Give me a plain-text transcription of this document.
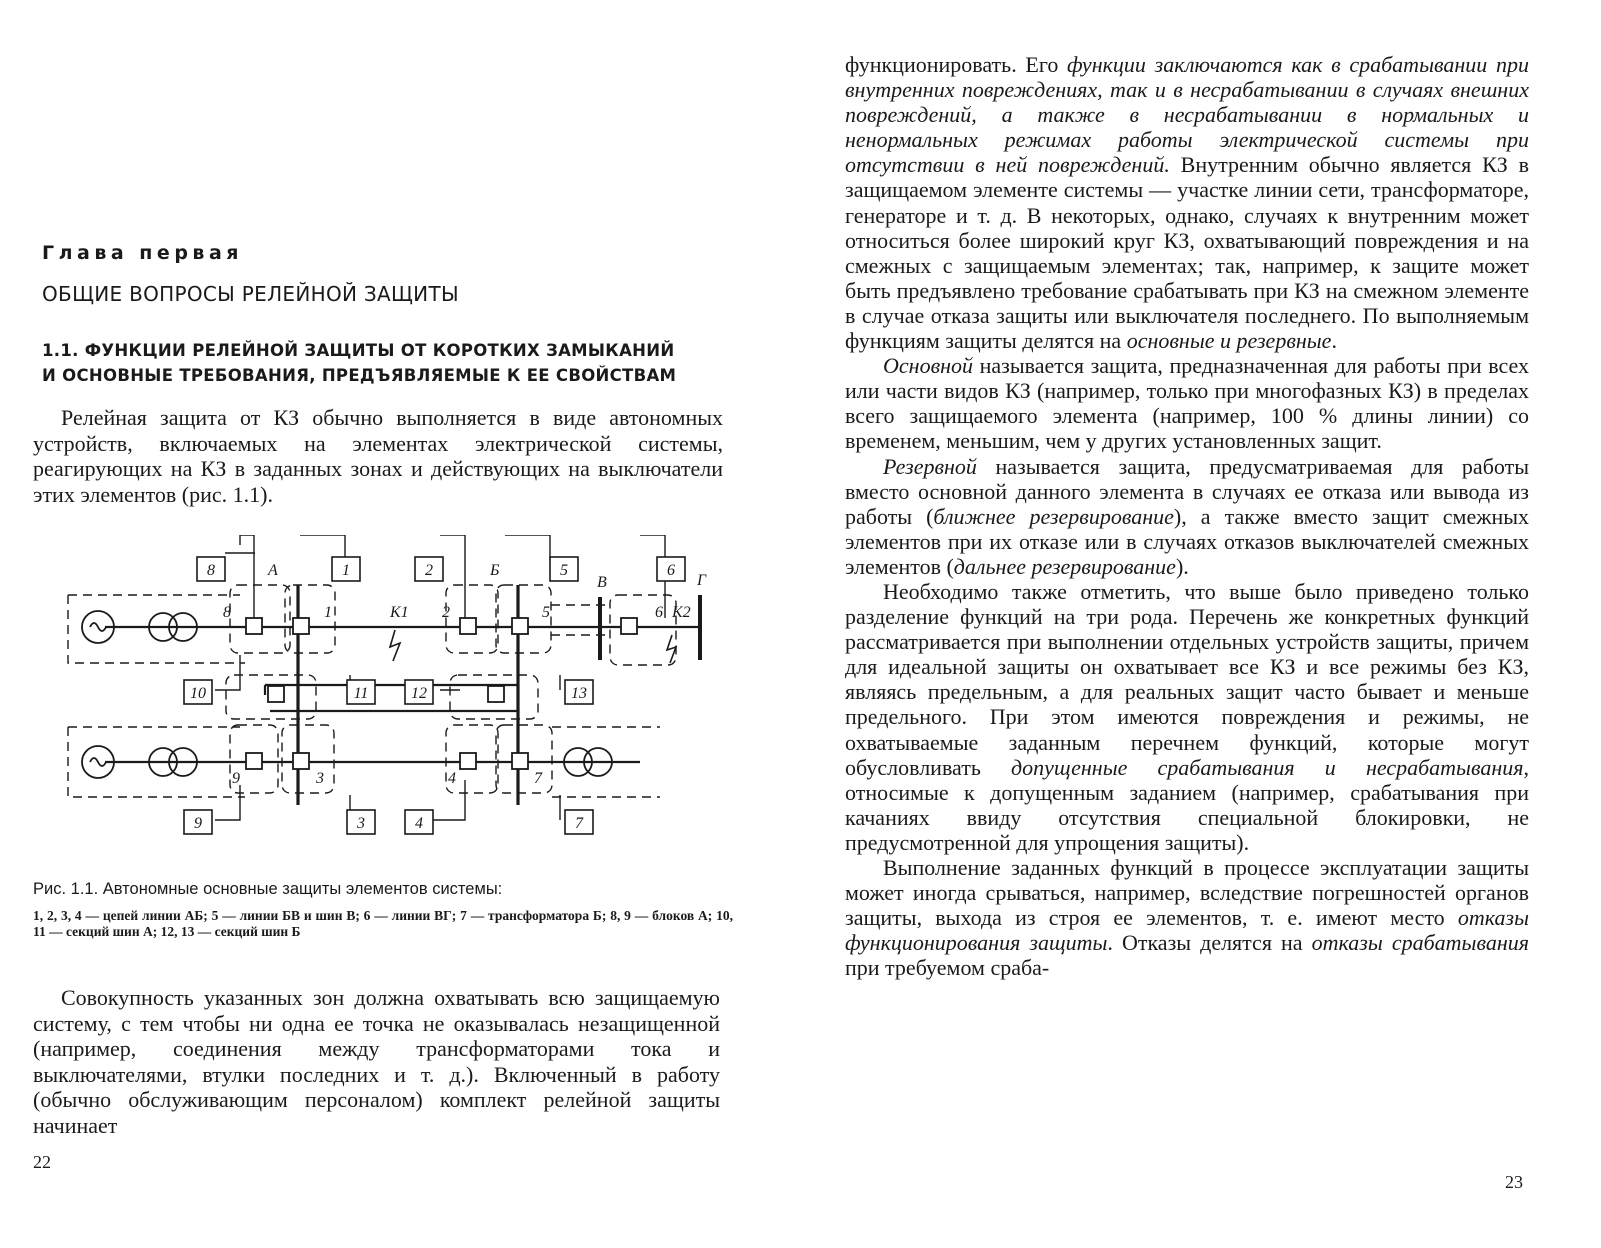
Глава первая
ОБЩИЕ ВОПРОСЫ РЕЛЕЙНОЙ ЗАЩИТЫ
1.1. ФУНКЦИИ РЕЛЕЙНОЙ ЗАЩИТЫ ОТ КОРОТКИХ ЗАМЫКАНИЙ
И ОСНОВНЫЕ ТРЕБОВАНИЯ, ПРЕДЪЯВЛЯЕМЫЕ К ЕЕ СВОЙСТВАМ

Релейная защита от КЗ обычно выполняется в виде автономных устройств, включаемых на элементах электрической системы, реагирующих на КЗ в заданных зонах и действующих на выключатели этих элементов (рис. 1.1).

8	1	2	5	6
10	11	12	13
9	3	4	7
А	Б
В	Г
K1	K2
8	1	2	5	6
9	3	4	7
Рис. 1.1. Автономные основные защиты элементов системы:
1, 2, 3, 4 — цепей линии АБ; 5 — линии БВ и шин В; 6 — линии ВГ; 7 — трансформатора Б; 8, 9 — блоков А; 10, 11 — секций шин А; 12, 13 — секций шин Б

Совокупность указанных зон должна охватывать всю защищаемую систему, с тем чтобы ни одна ее точка не оказывалась незащищенной (например, соединения между трансформаторами тока и выключателями, втулки последних и т. д.). Включенный в работу (обычно обслуживающим персоналом) комплект релейной защиты начинает

22

функционировать. Его функции заключаются как в срабатывании при внутренних повреждениях, так и в несрабатывании в случаях внешних повреждений, а также в несрабатывании в нормальных и ненормальных режимах работы электрической системы при отсутствии в ней повреждений. Внутренним обычно является КЗ в защищаемом элементе системы — участке линии сети, трансформаторе, генераторе и т. д. В некоторых, однако, случаях к внутренним может относиться более широкий круг КЗ, охватывающий повреждения и на смежных с защищаемым элементах; так, например, к защите может быть предъявлено требование срабатывать при КЗ на смежном элементе в случае отказа защиты или выключателя последнего. По выполняемым функциям защиты делятся на основные и резервные.

Основной называется защита, предназначенная для работы при всех или части видов КЗ (например, только при многофазных КЗ) в пределах всего защищаемого элемента (например, 100 % длины линии) со временем, меньшим, чем у других установленных защит.

Резервной называется защита, предусматриваемая для работы вместо основной данного элемента в случаях ее отказа или вывода из работы (ближнее резервирование), а также вместо защит смежных элементов при их отказе или в случаях отказов выключателей смежных элементов (дальнее резервирование).

Необходимо также отметить, что выше было приведено только разделение функций на три рода. Перечень же конкретных функций рассматривается при выполнении отдельных устройств защиты, причем для идеальной защиты он охватывает все КЗ и все режимы без КЗ, являясь предельным, а для реальных защит часто бывает и меньше предельного. При этом имеются повреждения и режимы, не охватываемые заданным перечнем функций, которые могут обусловливать допущенные срабатывания и несрабатывания, относимые к допущенным заданием (например, срабатывания при качаниях ввиду отсутствия специальной блокировки, не предусмотренной для упрощения защиты).

Выполнение заданных функций в процессе эксплуатации защиты может иногда срываться, например, вследствие погрешностей органов защиты, выхода из строя ее элементов, т. е. имеют место отказы функционирования защиты. Отказы делятся на отказы срабатывания при требуемом сраба-

23
